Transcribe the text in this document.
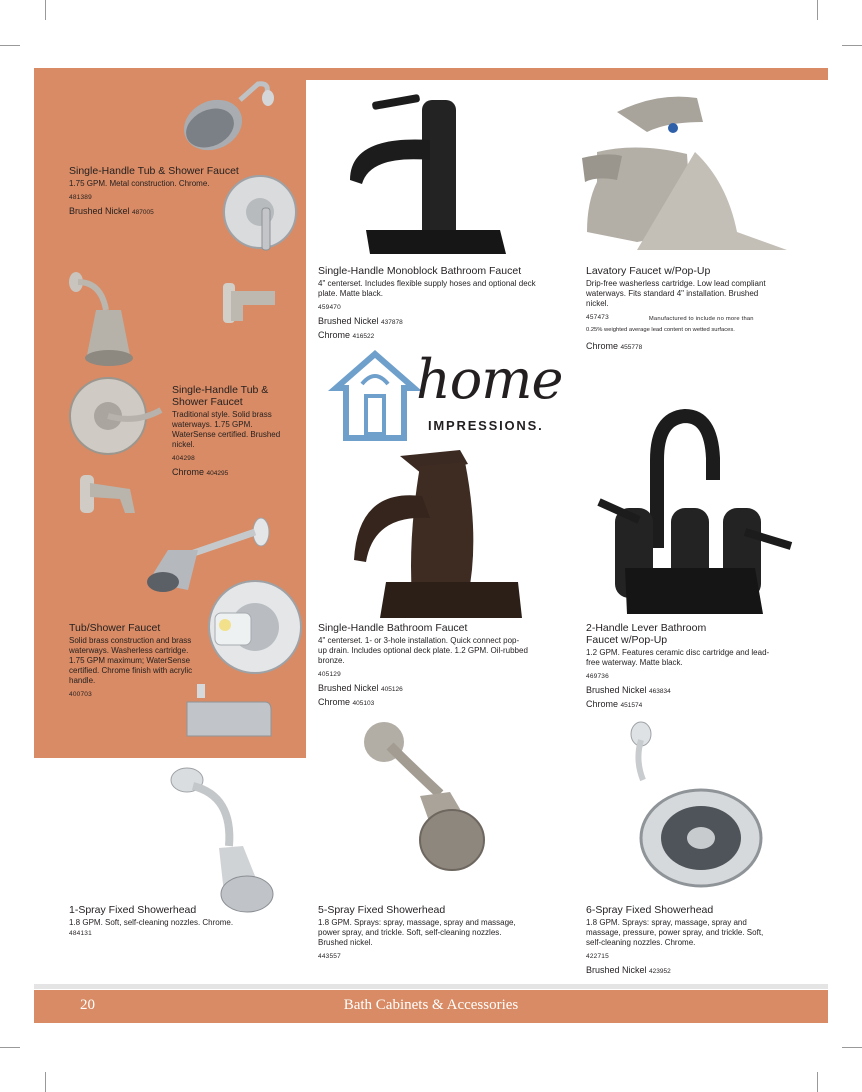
home
IMPRESSIONS.
Single-Handle Tub & Shower Faucet
1.75 GPM. Metal construction. Chrome.
481389
Brushed Nickel 487005
Single-Handle Tub & Shower Faucet
Traditional style. Solid brass waterways. 1.75 GPM. WaterSense certified. Brushed nickel.
404298
Chrome 404295
Tub/Shower Faucet
Solid brass construction and brass waterways. Washerless cartridge. 1.75 GPM maximum; WaterSense certified. Chrome finish with acrylic handle.
400703
Single-Handle Monoblock Bathroom Faucet
4" centerset. Includes flexible supply hoses and optional deck plate. Matte black.
459470
Brushed Nickel 437878
Chrome 416522
Lavatory Faucet w/Pop-Up
Drip-free washerless cartridge. Low lead compliant waterways. Fits standard 4" installation. Brushed nickel.
457473	Manufactured to include no more than
0.25% weighted average lead content on wetted surfaces.
Chrome 455778
Single-Handle Bathroom Faucet
4" centerset. 1- or 3-hole installation. Quick connect pop-up drain. Includes optional deck plate. 1.2 GPM. Oil-rubbed bronze.
405129
Brushed Nickel 405126
Chrome 405103
2-Handle Lever Bathroom Faucet w/Pop-Up
1.2 GPM. Features ceramic disc cartridge and lead-free waterway. Matte black.
469736
Brushed Nickel 463834
Chrome 451574
1-Spray Fixed Showerhead
1.8 GPM. Soft, self-cleaning nozzles. Chrome.
484131
5-Spray Fixed Showerhead
1.8 GPM. Sprays: spray, massage, spray and massage, power spray, and trickle. Soft, self-cleaning nozzles. Brushed nickel.
443557
6-Spray Fixed Showerhead
1.8 GPM. Sprays: spray, massage, spray and massage, pressure, power spray, and trickle. Soft, self-cleaning nozzles. Chrome.
422715
Brushed Nickel 423952
20	Bath Cabinets & Accessories
